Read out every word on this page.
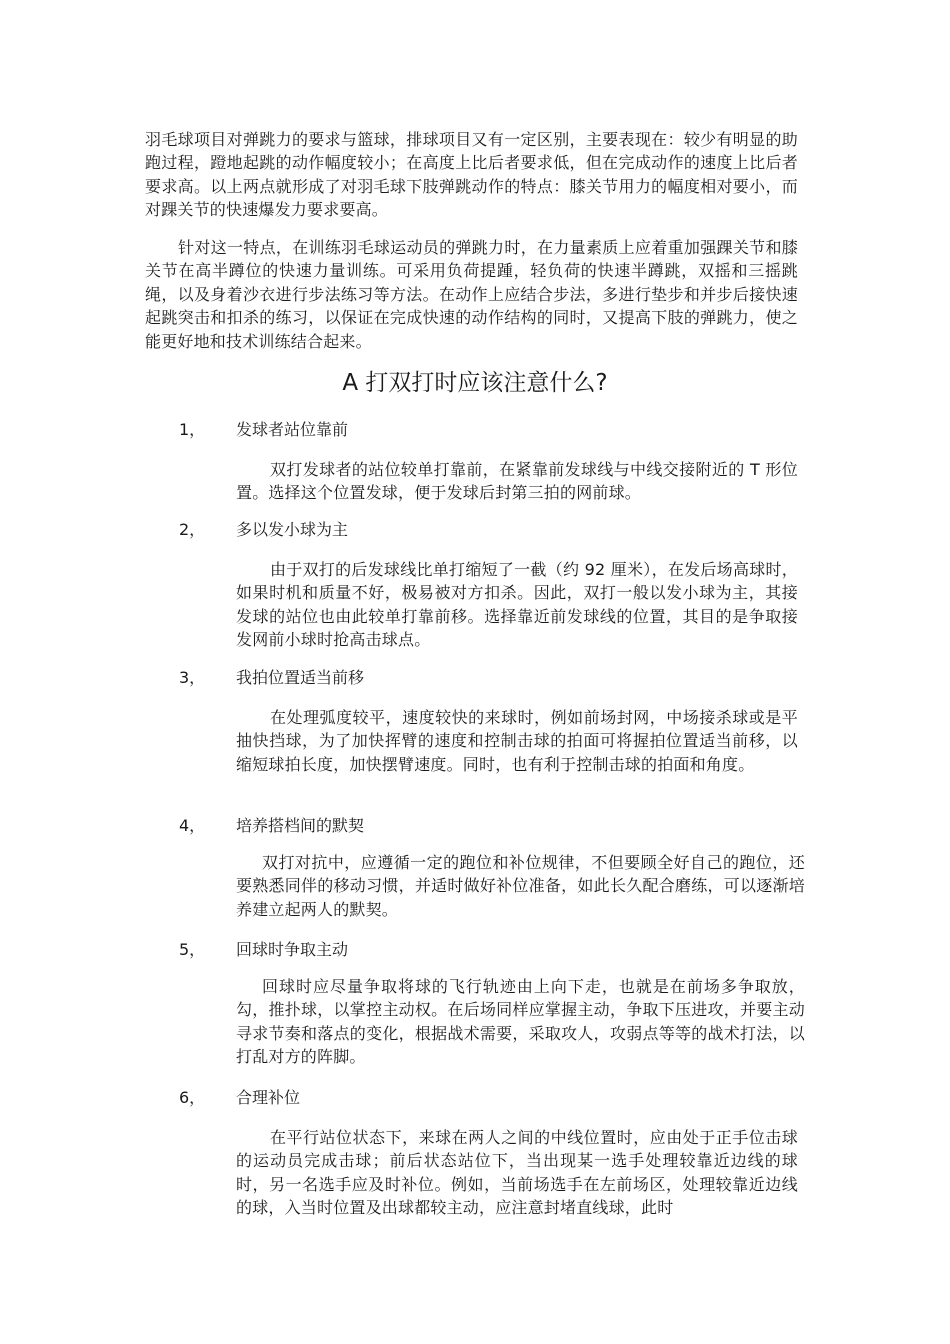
羽毛球项目对弹跳力的要求与篮球，排球项目又有一定区别，主要表现在：较少有明显的助跑过程，蹬地起跳的动作幅度较小；在高度上比后者要求低，但在完成动作的速度上比后者要求高。以上两点就形成了对羽毛球下肢弹跳动作的特点：膝关节用力的幅度相对要小，而对踝关节的快速爆发力要求要高。

针对这一特点，在训练羽毛球运动员的弹跳力时，在力量素质上应着重加强踝关节和膝关节在高半蹲位的快速力量训练。可采用负荷提踵，轻负荷的快速半蹲跳，双摇和三摇跳绳，以及身着沙衣进行步法练习等方法。在动作上应结合步法，多进行垫步和并步后接快速起跳突击和扣杀的练习，以保证在完成快速的动作结构的同时，又提高下肢的弹跳力，使之能更好地和技术训练结合起来。

A 打双打时应该注意什么?
1， 发球者站位靠前

双打发球者的站位较单打靠前，在紧靠前发球线与中线交接附近的 T 形位置。选择这个位置发球，便于发球后封第三拍的网前球。

2， 多以发小球为主

由于双打的后发球线比单打缩短了一截（约 92 厘米），在发后场高球时，如果时机和质量不好，极易被对方扣杀。因此，双打一般以发小球为主，其接发球的站位也由此较单打靠前移。选择靠近前发球线的位置，其目的是争取接发网前小球时抢高击球点。

3， 我拍位置适当前移

在处理弧度较平，速度较快的来球时，例如前场封网，中场接杀球或是平抽快挡球，为了加快挥臂的速度和控制击球的拍面可将握拍位置适当前移，以缩短球拍长度，加快摆臂速度。同时，也有利于控制击球的拍面和角度。

4， 培养搭档间的默契

双打对抗中，应遵循一定的跑位和补位规律，不但要顾全好自己的跑位，还要熟悉同伴的移动习惯，并适时做好补位准备，如此长久配合磨练，可以逐渐培养建立起两人的默契。

5， 回球时争取主动

回球时应尽量争取将球的飞行轨迹由上向下走，也就是在前场多争取放，勾，推扑球，以掌控主动权。在后场同样应掌握主动，争取下压进攻，并要主动寻求节奏和落点的变化，根据战术需要，采取攻人，攻弱点等等的战术打法，以打乱对方的阵脚。

6， 合理补位

在平行站位状态下，来球在两人之间的中线位置时，应由处于正手位击球的运动员完成击球；前后状态站位下，当出现某一选手处理较靠近边线的球时，另一名选手应及时补位。例如，当前场选手在左前场区，处理较靠近边线的球，入当时位置及出球都较主动，应注意封堵直线球，此时
